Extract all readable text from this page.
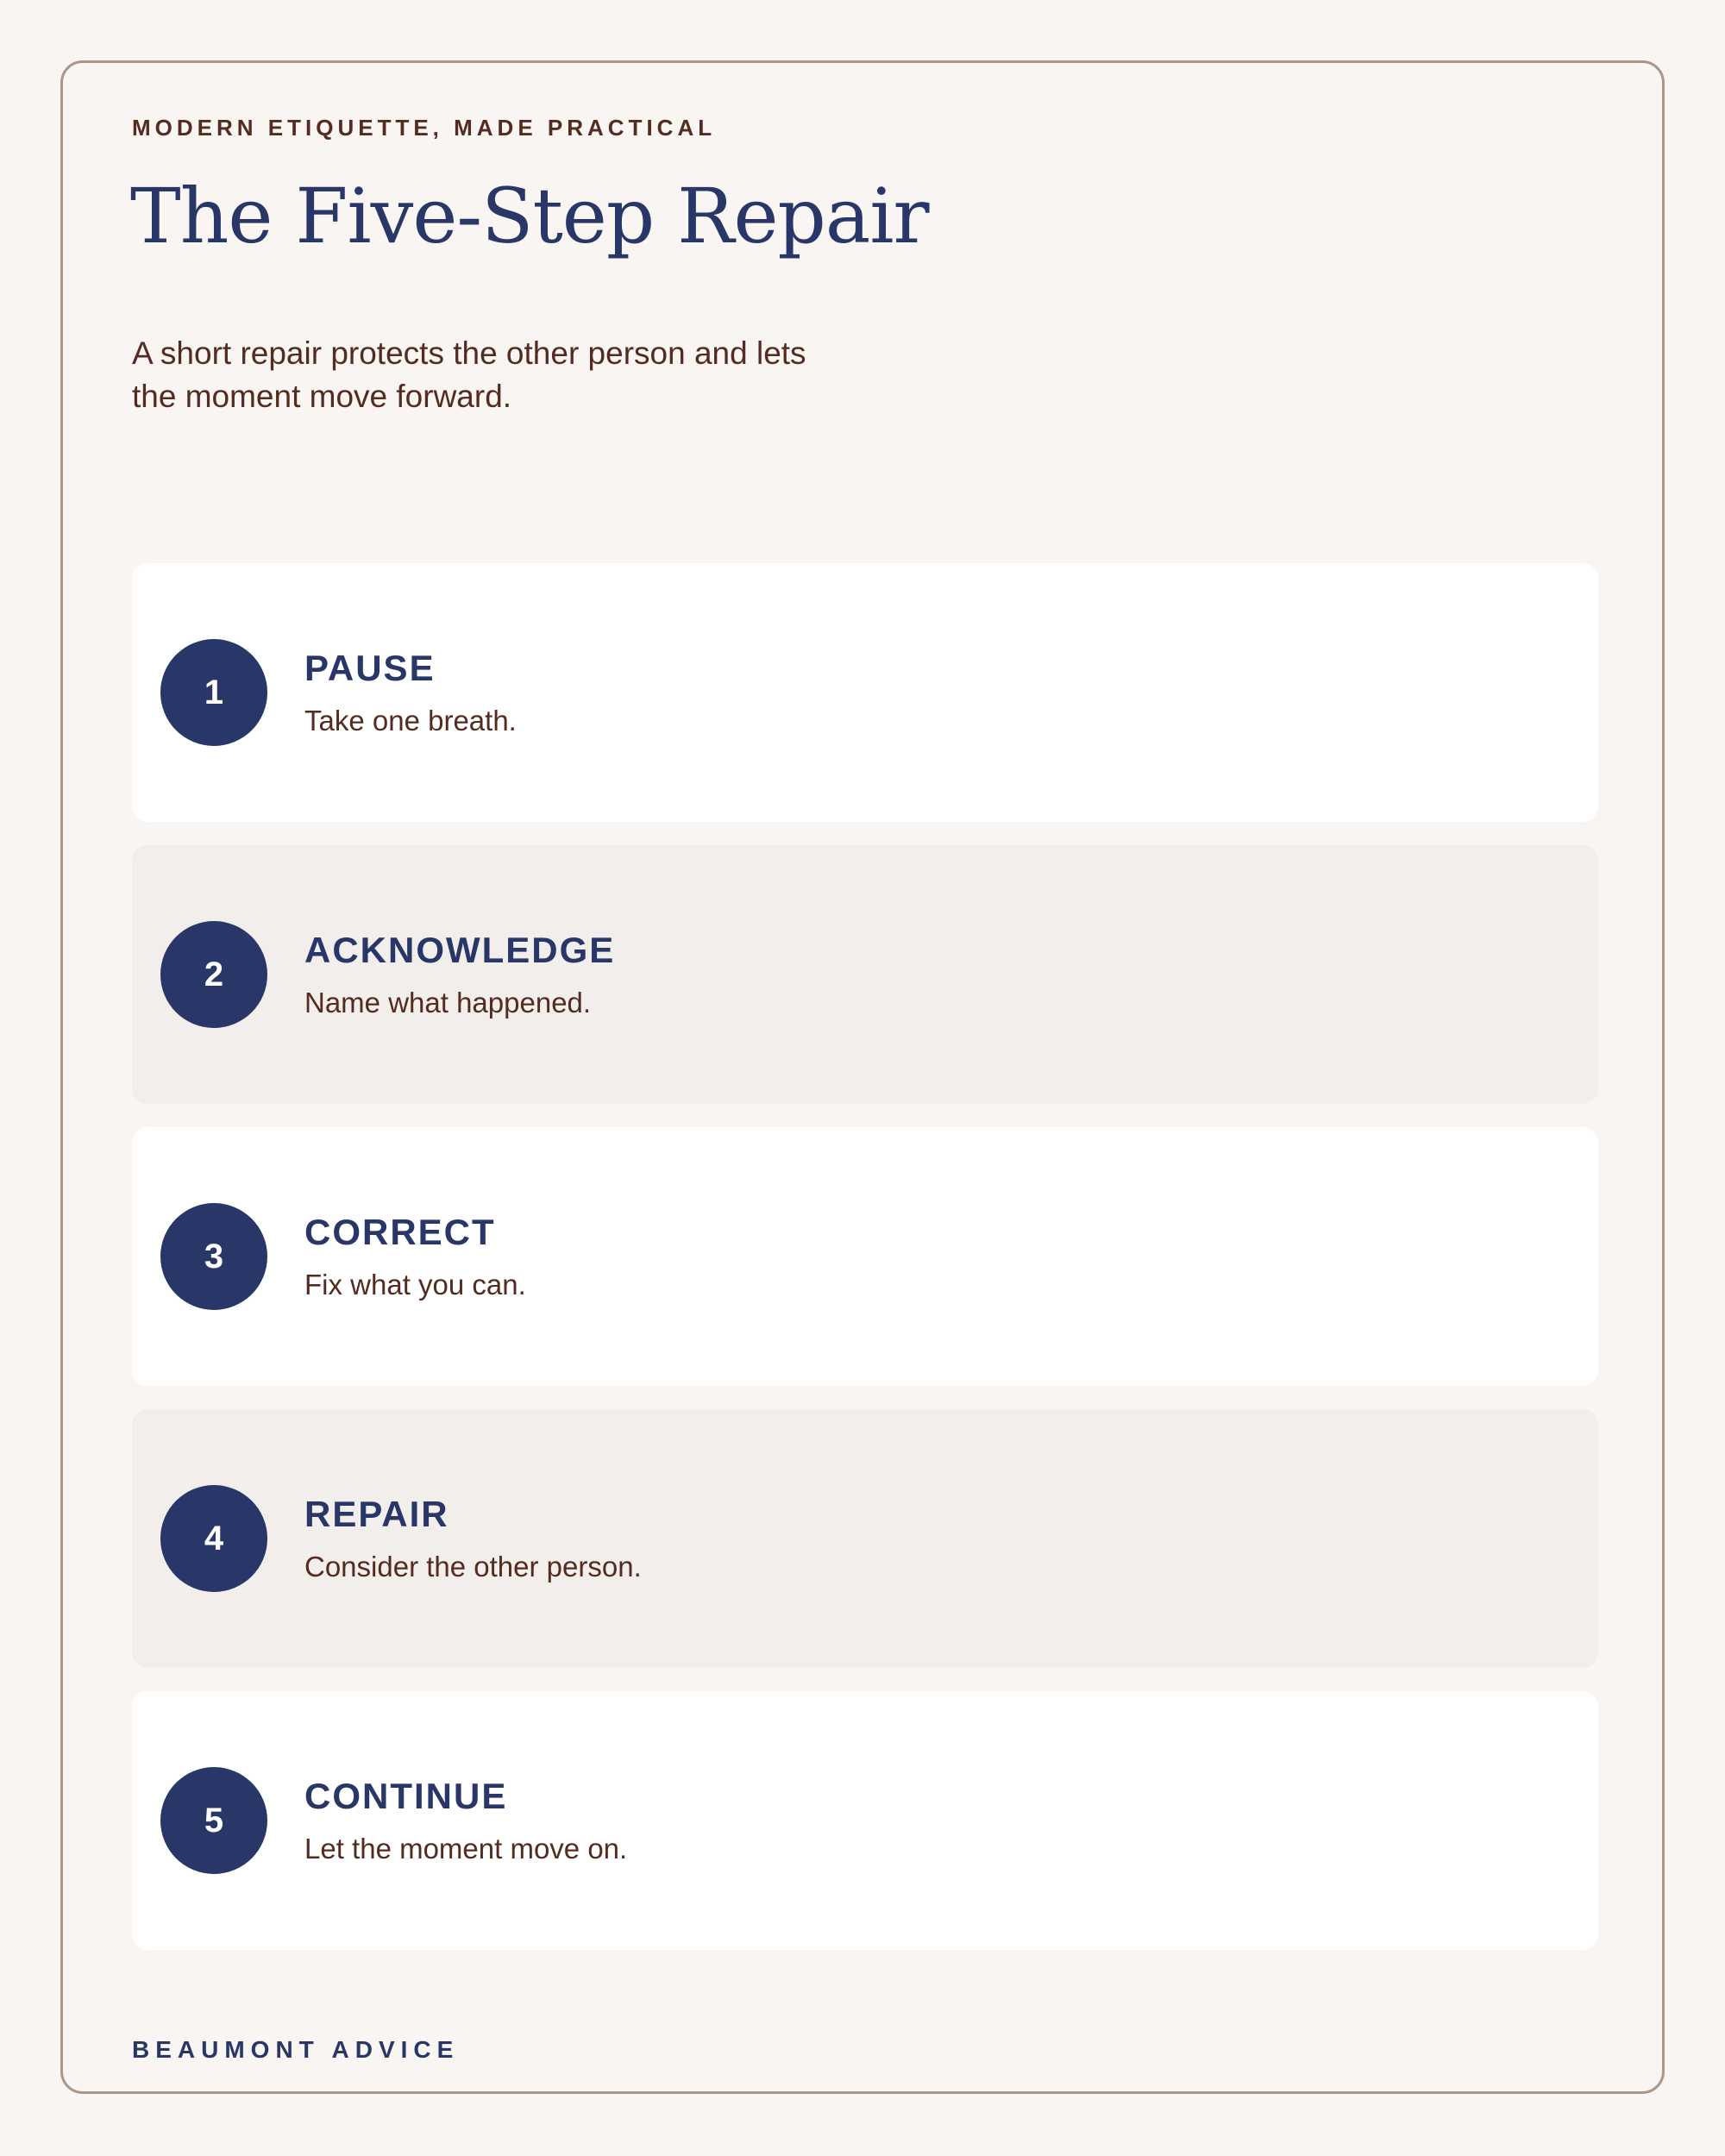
MODERN ETIQUETTE, MADE PRACTICAL

The Five-Step Repair

A short repair protects the other person and lets the moment move forward.

1
PAUSE

Take one breath.

2
ACKNOWLEDGE

Name what happened.

3
CORRECT

Fix what you can.

4
REPAIR

Consider the other person.

5
CONTINUE

Let the moment move on.

BEAUMONT ADVICE
